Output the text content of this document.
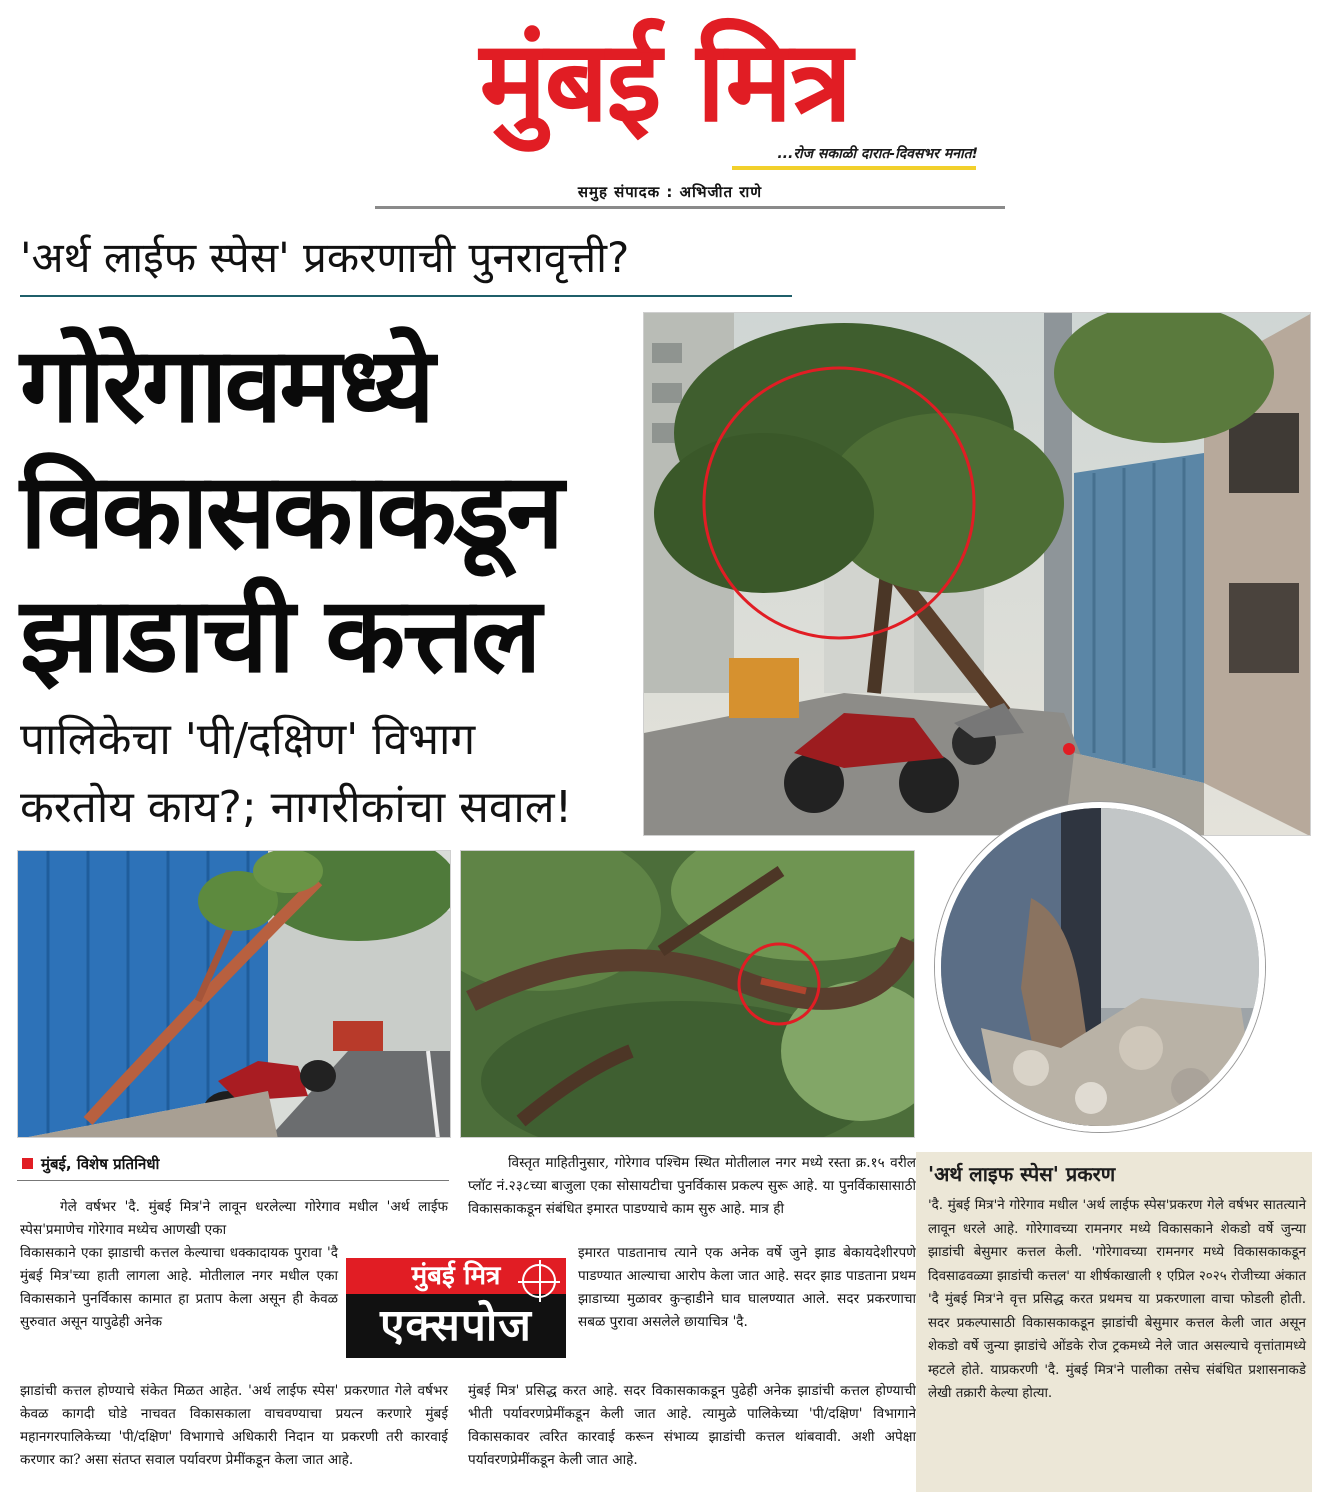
मुंबई मित्र
...रोज सकाळी दारात-दिवसभर मनात!
समुह संपादक : अभिजीत राणे
'अर्थ लाईफ स्पेस' प्रकरणाची पुनरावृत्ती?
गोरेगावमध्ये
विकासकाकडून
झाडाची कत्तल
पालिकेचा 'पी/दक्षिण' विभाग
करतोय काय?; नागरीकांचा सवाल!
मुंबई, विशेष प्रतिनिधी

गेले वर्षभर 'दै. मुंबई मित्र'ने लावून धरलेल्या गोरेगाव मधील 'अर्थ लाईफ स्पेस'प्रमाणेच गोरेगाव मध्येच आणखी एका

विकासकाने एका झाडाची कत्तल केल्याचा धक्कादायक पुरावा 'दै मुंबई मित्र'च्या हाती लागला आहे. मोतीलाल नगर मधील एका विकासकाने पुनर्विकास कामात हा प्रताप केला असून ही केवळ सुरुवात असून यापुढेही अनेक

झाडांची कत्तल होण्याचे संकेत मिळत आहेत. 'अर्थ लाईफ स्पेस' प्रकरणात गेले वर्षभर केवळ कागदी घोडे नाचवत विकासकाला वाचवण्याचा प्रयत्न करणारे मुंबई महानगरपालिकेच्या 'पी/दक्षिण' विभागाचे अधिकारी निदान या प्रकरणी तरी कारवाई करणार का? असा संतप्त सवाल पर्यावरण प्रेमींकडून केला जात आहे.

मुंबई मित्र
एक्सपोज

विस्तृत माहितीनुसार, गोरेगाव पश्चिम स्थित मोतीलाल नगर मध्ये रस्ता क्र.१५ वरील प्लॉट नं.२३८च्या बाजुला एका सोसायटीचा पुनर्विकास प्रकल्प सुरू आहे. या पुनर्विकासासाठी विकासकाकडून संबंधित इमारत पाडण्याचे काम सुरु आहे. मात्र ही

इमारत पाडतानाच त्याने एक अनेक वर्षे जुने झाड बेकायदेशीरपणे पाडण्यात आल्याचा आरोप केला जात आहे. सदर झाड पाडताना प्रथम झाडाच्या मुळावर कुऱ्हाडीने घाव घालण्यात आले. सदर प्रकरणाचा सबळ पुरावा असलेले छायाचित्र 'दै.

मुंबई मित्र' प्रसिद्ध करत आहे. सदर विकासकाकडून पुढेही अनेक झाडांची कत्तल होण्याची भीती पर्यावरणप्रेमींकडून केली जात आहे. त्यामुळे पालिकेच्या 'पी/दक्षिण' विभागाने विकासकावर त्वरित कारवाई करून संभाव्य झाडांची कत्तल थांबवावी. अशी अपेक्षा पर्यावरणप्रेमींकडून केली जात आहे.

'अर्थ लाइफ स्पेस' प्रकरण
'दै. मुंबई मित्र'ने गोरेगाव मधील 'अर्थ लाईफ स्पेस'प्रकरण गेले वर्षभर सातत्याने लावून धरले आहे. गोरेगावच्या रामनगर मध्ये विकासकाने शेकडो वर्षे जुन्या झाडांची बेसुमार कत्तल केली. 'गोरेगावच्या रामनगर मध्ये विकासकाकडून दिवसाढवळ्या झाडांची कत्तल' या शीर्षकाखाली १ एप्रिल २०२५ रोजीच्या अंकात 'दै मुंबई मित्र'ने वृत्त प्रसिद्ध करत प्रथमच या प्रकरणाला वाचा फोडली होती. सदर प्रकल्पासाठी विकासकाकडून झाडांची बेसुमार कत्तल केली जात असून शेकडो वर्षे जुन्या झाडांचे ओंडके रोज ट्रकमध्ये नेले जात असल्याचे वृत्तांतामध्ये म्हटले होते. याप्रकरणी 'दै. मुंबई मित्र'ने पालीका तसेच संबंधित प्रशासनाकडे लेखी तक्रारी केल्या होत्या.
